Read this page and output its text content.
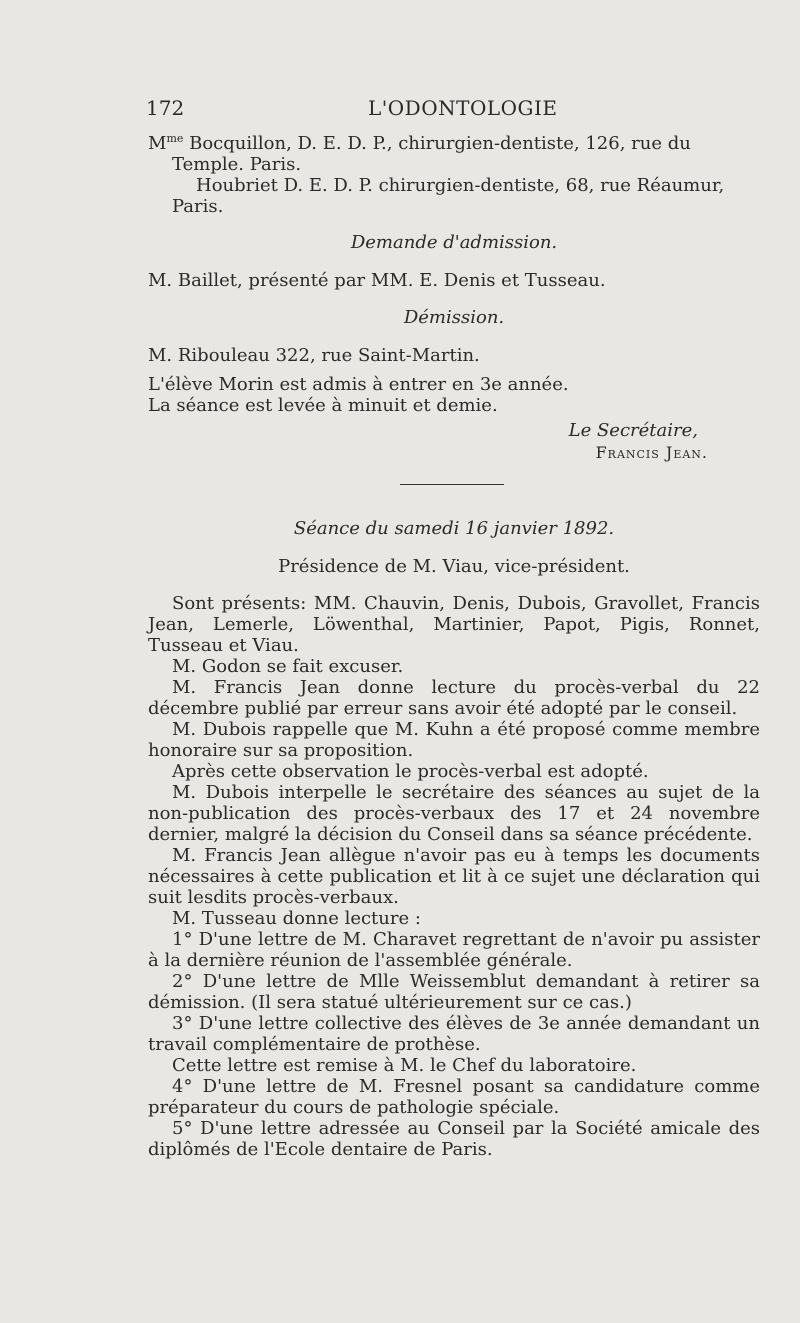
172	L'ODONTOLOGIE
$M^{me}$ Bocquillon, D. E. D. P., chirurgien-dentiste, 126, rue du
Temple. Paris.
Houbriet D. E. D. P. chirurgien-dentiste, 68, rue Réaumur,
Paris.
Demande d'admission.
M. Baillet, présenté par MM. E. Denis et Tusseau.
Démission.
M. Ribouleau 322, rue Saint-Martin.

L'élève Morin est admis à entrer en 3e année.

La séance est levée à minuit et demie.

Le Secrétaire,
Francis Jean.
Séance du samedi 16 janvier 1892.
Présidence de M. Viau, vice-président.

Sont présents: MM. Chauvin, Denis, Dubois, Gravollet, Francis Jean, Lemerle, Löwenthal, Martinier, Papot, Pigis, Ronnet, Tusseau et Viau.

M. Godon se fait excuser.

M. Francis Jean donne lecture du procès-verbal du 22 décembre publié par erreur sans avoir été adopté par le conseil.

M. Dubois rappelle que M. Kuhn a été proposé comme membre honoraire sur sa proposition.

Après cette observation le procès-verbal est adopté.

M. Dubois interpelle le secrétaire des séances au sujet de la non-publication des procès-verbaux des 17 et 24 novembre dernier, malgré la décision du Conseil dans sa séance précédente.

M. Francis Jean allègue n'avoir pas eu à temps les documents nécessaires à cette publication et lit à ce sujet une déclaration qui suit lesdits procès-verbaux.

M. Tusseau donne lecture :

1° D'une lettre de M. Charavet regrettant de n'avoir pu assister à la dernière réunion de l'assemblée générale.

2° D'une lettre de Mlle Weissemblut demandant à retirer sa démission. (Il sera statué ultérieurement sur ce cas.)

3° D'une lettre collective des élèves de 3e année demandant un travail complémentaire de prothèse.

Cette lettre est remise à M. le Chef du laboratoire.

4° D'une lettre de M. Fresnel posant sa candidature comme préparateur du cours de pathologie spéciale.

5° D'une lettre adressée au Conseil par la Société amicale des diplômés de l'Ecole dentaire de Paris.
